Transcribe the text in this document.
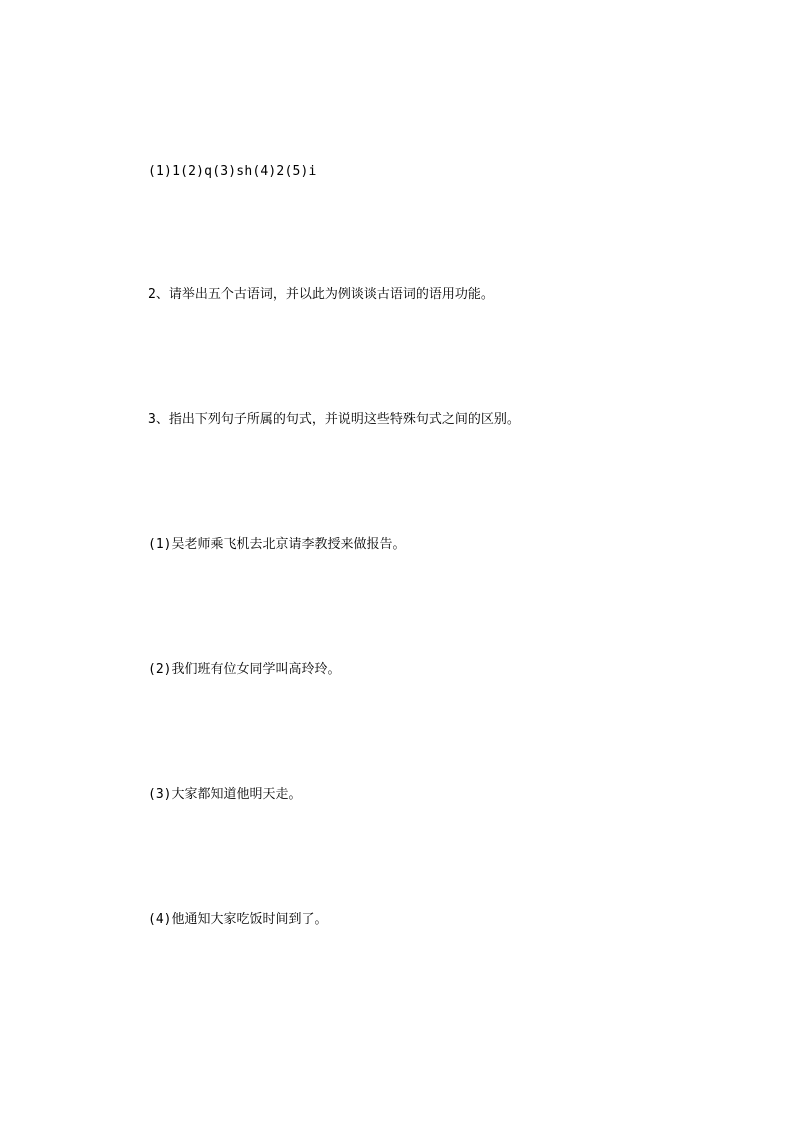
(1)1(2)q(3)sh(4)2(5)i

2、请举出五个古语词，并以此为例谈谈古语词的语用功能。

3、指出下列句子所属的句式，并说明这些特殊句式之间的区别。

(1)吴老师乘飞机去北京请李教授来做报告。

(2)我们班有位女同学叫高玲玲。

(3)大家都知道他明天走。

(4)他通知大家吃饭时间到了。
